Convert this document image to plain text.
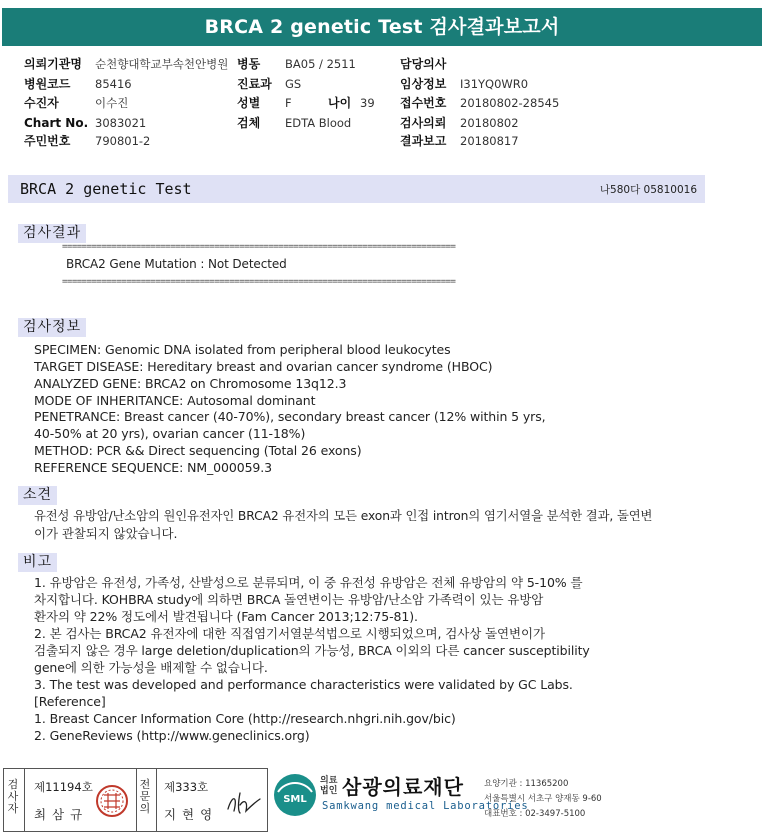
BRCA 2 genetic Test 검사결과보고서
의뢰기관명 순천향대학교부속천안병원
병원코드 85416
수진자	이수진
Chart No. 3083021
주민번호 790801-2
병동 BA05 / 2511
진료과 GS
성별 F	나이 39
검체 EDTA Blood
담당의사
임상정보 I31YQ0WR0
접수번호 20180802-28545
검사의뢰 20180802
결과보고 20180817
BRCA 2 genetic Test	나580다 05810016
검사결과
================================================================================
BRCA2 Gene Mutation : Not Detected
================================================================================
검사정보
SPECIMEN: Genomic DNA isolated from peripheral blood leukocytes
TARGET DISEASE: Hereditary breast and ovarian cancer syndrome (HBOC)
ANALYZED GENE: BRCA2 on Chromosome 13q12.3
MODE OF INHERITANCE: Autosomal dominant
PENETRANCE: Breast cancer (40-70%), secondary breast cancer (12% within 5 yrs,
40-50% at 20 yrs), ovarian cancer (11-18%)
METHOD: PCR && Direct sequencing (Total 26 exons)
REFERENCE SEQUENCE: NM_000059.3
소견
유전성 유방암/난소암의 원인유전자인 BRCA2 유전자의 모든 exon과 인접 intron의 염기서열을 분석한 결과, 돌연변
이가 관찰되지 않았습니다.
비고
1. 유방암은 유전성, 가족성, 산발성으로 분류되며, 이 중 유전성 유방암은 전체 유방암의 약 5-10% 를
차지합니다. KOHBRA study에 의하면 BRCA 돌연변이는 유방암/난소암 가족력이 있는 유방암
환자의 약 22% 정도에서 발견됩니다 (Fam Cancer 2013;12:75-81).
2. 본 검사는 BRCA2 유전자에 대한 직접염기서열분석법으로 시행되었으며, 검사상 돌연변이가
검출되지 않은 경우 large deletion/duplication의 가능성, BRCA 이외의 다른 cancer susceptibility
gene에 의한 가능성을 배제할 수 없습니다.
3. The test was developed and performance characteristics were validated by GC Labs.
[Reference]
1. Breast Cancer Information Core (http://research.nhgri.nih.gov/bic)
2. GeneReviews (http://www.geneclinics.org)
검사자
제11194호
최 삼 규
전문의
제333호
지 현 영
SML
의료법인 삼광의료재단
Samkwang medical Laboratories
요양기관 : 11365200
서울특별시 서초구 양재동 9-60
대표번호 : 02-3497-5100
